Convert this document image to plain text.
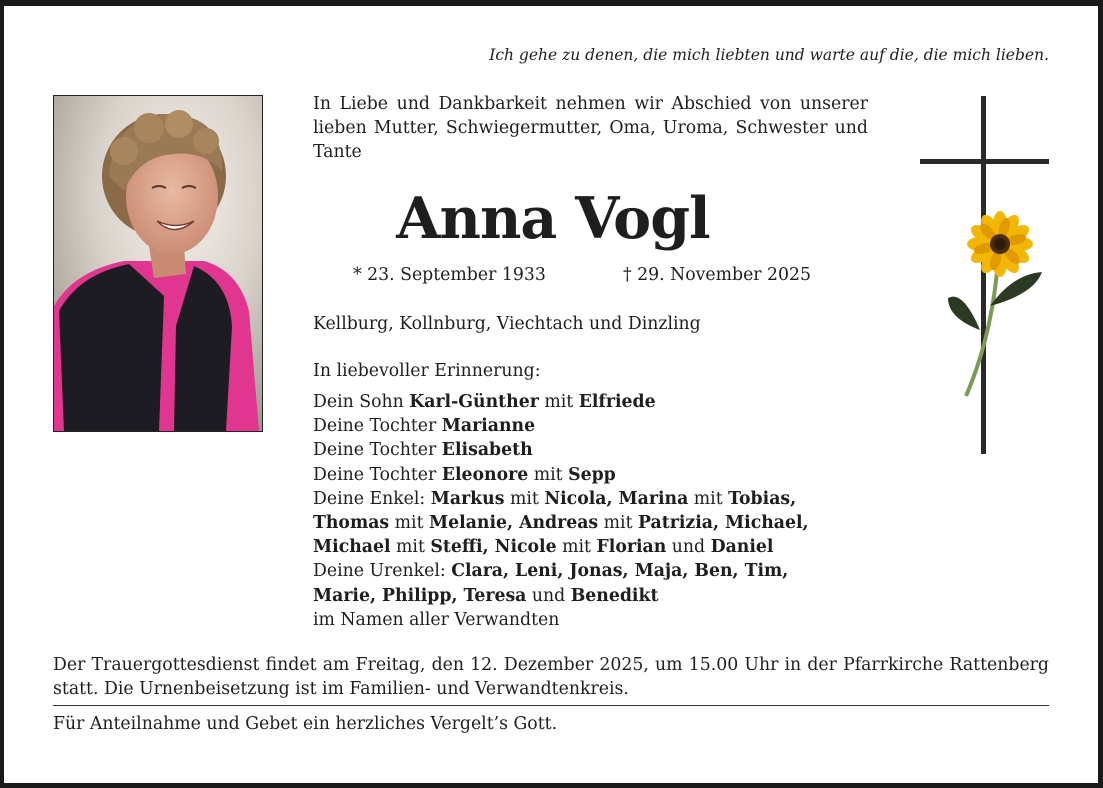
Ich gehe zu denen, die mich liebten und warte auf die, die mich lieben.
In Liebe und Dankbarkeit nehmen wir Abschied von unserer lieben Mutter, Schwiegermutter, Oma, Uroma, Schwester und Tante
Anna Vogl
* 23. September 1933	† 29. November 2025
Kellburg, Kollnburg, Viechtach und Dinzling
In liebevoller Erinnerung:
Dein Sohn Karl-Günther mit Elfriede
Deine Tochter Marianne
Deine Tochter Elisabeth
Deine Tochter Eleonore mit Sepp
Deine Enkel: Markus mit Nicola, Marina mit Tobias,
Thomas mit Melanie, Andreas mit Patrizia, Michael,
Michael mit Steffi, Nicole mit Florian und Daniel
Deine Urenkel: Clara, Leni, Jonas, Maja, Ben, Tim,
Marie, Philipp, Teresa und Benedikt
im Namen aller Verwandten
Der Trauergottesdienst findet am Freitag, den 12. Dezember 2025, um 15.00 Uhr in der Pfarrkirche Rattenberg statt. Die Urnenbeisetzung ist im Familien- und Verwandtenkreis.
Für Anteilnahme und Gebet ein herzliches Vergelt’s Gott.
